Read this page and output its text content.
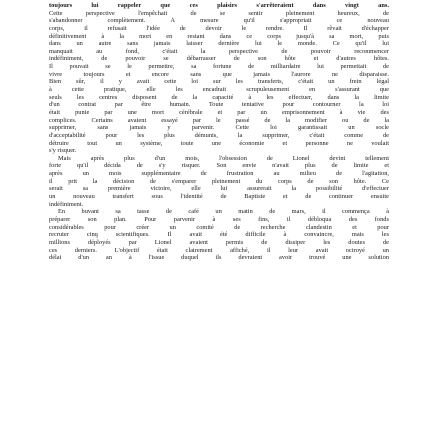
toujours lui rappeler que ces plaisirs s'arrêteraient dans vingt ans.
Cette perspective l'empêchait de se sentir pleinement heureux, de
s'abandonner complètement. À mesure qu'il s'appropriait ce nouveau
corps, il refusait l'idée de devoir le rendre. Il rêvait d'échapper
définitivement à la mort en restant dans ce corps jusqu'à sa mort, puis
dans un autre sans jamais laisser dernière lui le monde. Ce qu'il lui
manquait au fond, c'était la perspective de pouvoir recommencer
indéfiniment, de pouvoir se débarrasser de son hôte et d'autres hôtes.
Il pouvait se le permettre, sa fortune de milliardaire lui permettait de
vivre toujours et encore sans que jamais l'aurore ne disparaisse.
Bien sûr, il y avait cette loi sur les transferts, c'était un frein légal
à cette pratique, elle les encadrait scrupuleusement en s'assurant que
seuls les centres disposent de la capacité à les effectuer, dans la limite
d'un contrat par être humain. Toute tentative pour contourner la loi
était punie par une mort cérébrale et par un emprisonnement à vie des
complices. Certains avaient essayé par le passé de la modifier ou de la
supprimer, sans jamais y parvenir. Cette loi garantissait un socle
d'acceptabilité pour les plus démunis, la supprimer, c'était comme de
détruire tout un système, toute une économie et personne ne voulait
s'y risquer.
Mais après plus d'un mois, l'obsession de Lionel devint tellement
forte qu'il décida de s'y risquer. Son envie n'avait plus de limite et
après un mois supplémentaire de frustration au milieu de l'agitation,
il prit la décision de s'emparer pleinement du corps de son hôte. Ce
serait sa première victoire, elle lui assurerait la possibilité d'effectuer
un nouveau transfert sous l'identité de Baptiste et de continuer ensuite
indéfiniment.
En buvant sa tasse de café un matin de mars, il commença à
préparer son plan. Pour parvenir à ses fins, il débloqua des fonds
considérables pour créer un comité de recherche clandestin et pour
recruter cinq scientifiques. Il avait été difficile à convaincre, mais les
millions déployés par Lionel avaient permis de dissiper les doutes de
ces derniers. L'objectif était clairement affiché, il leur avait octroyé un
délai d'un an à l'issue duquel ils devraient avoir trouvé une solution
